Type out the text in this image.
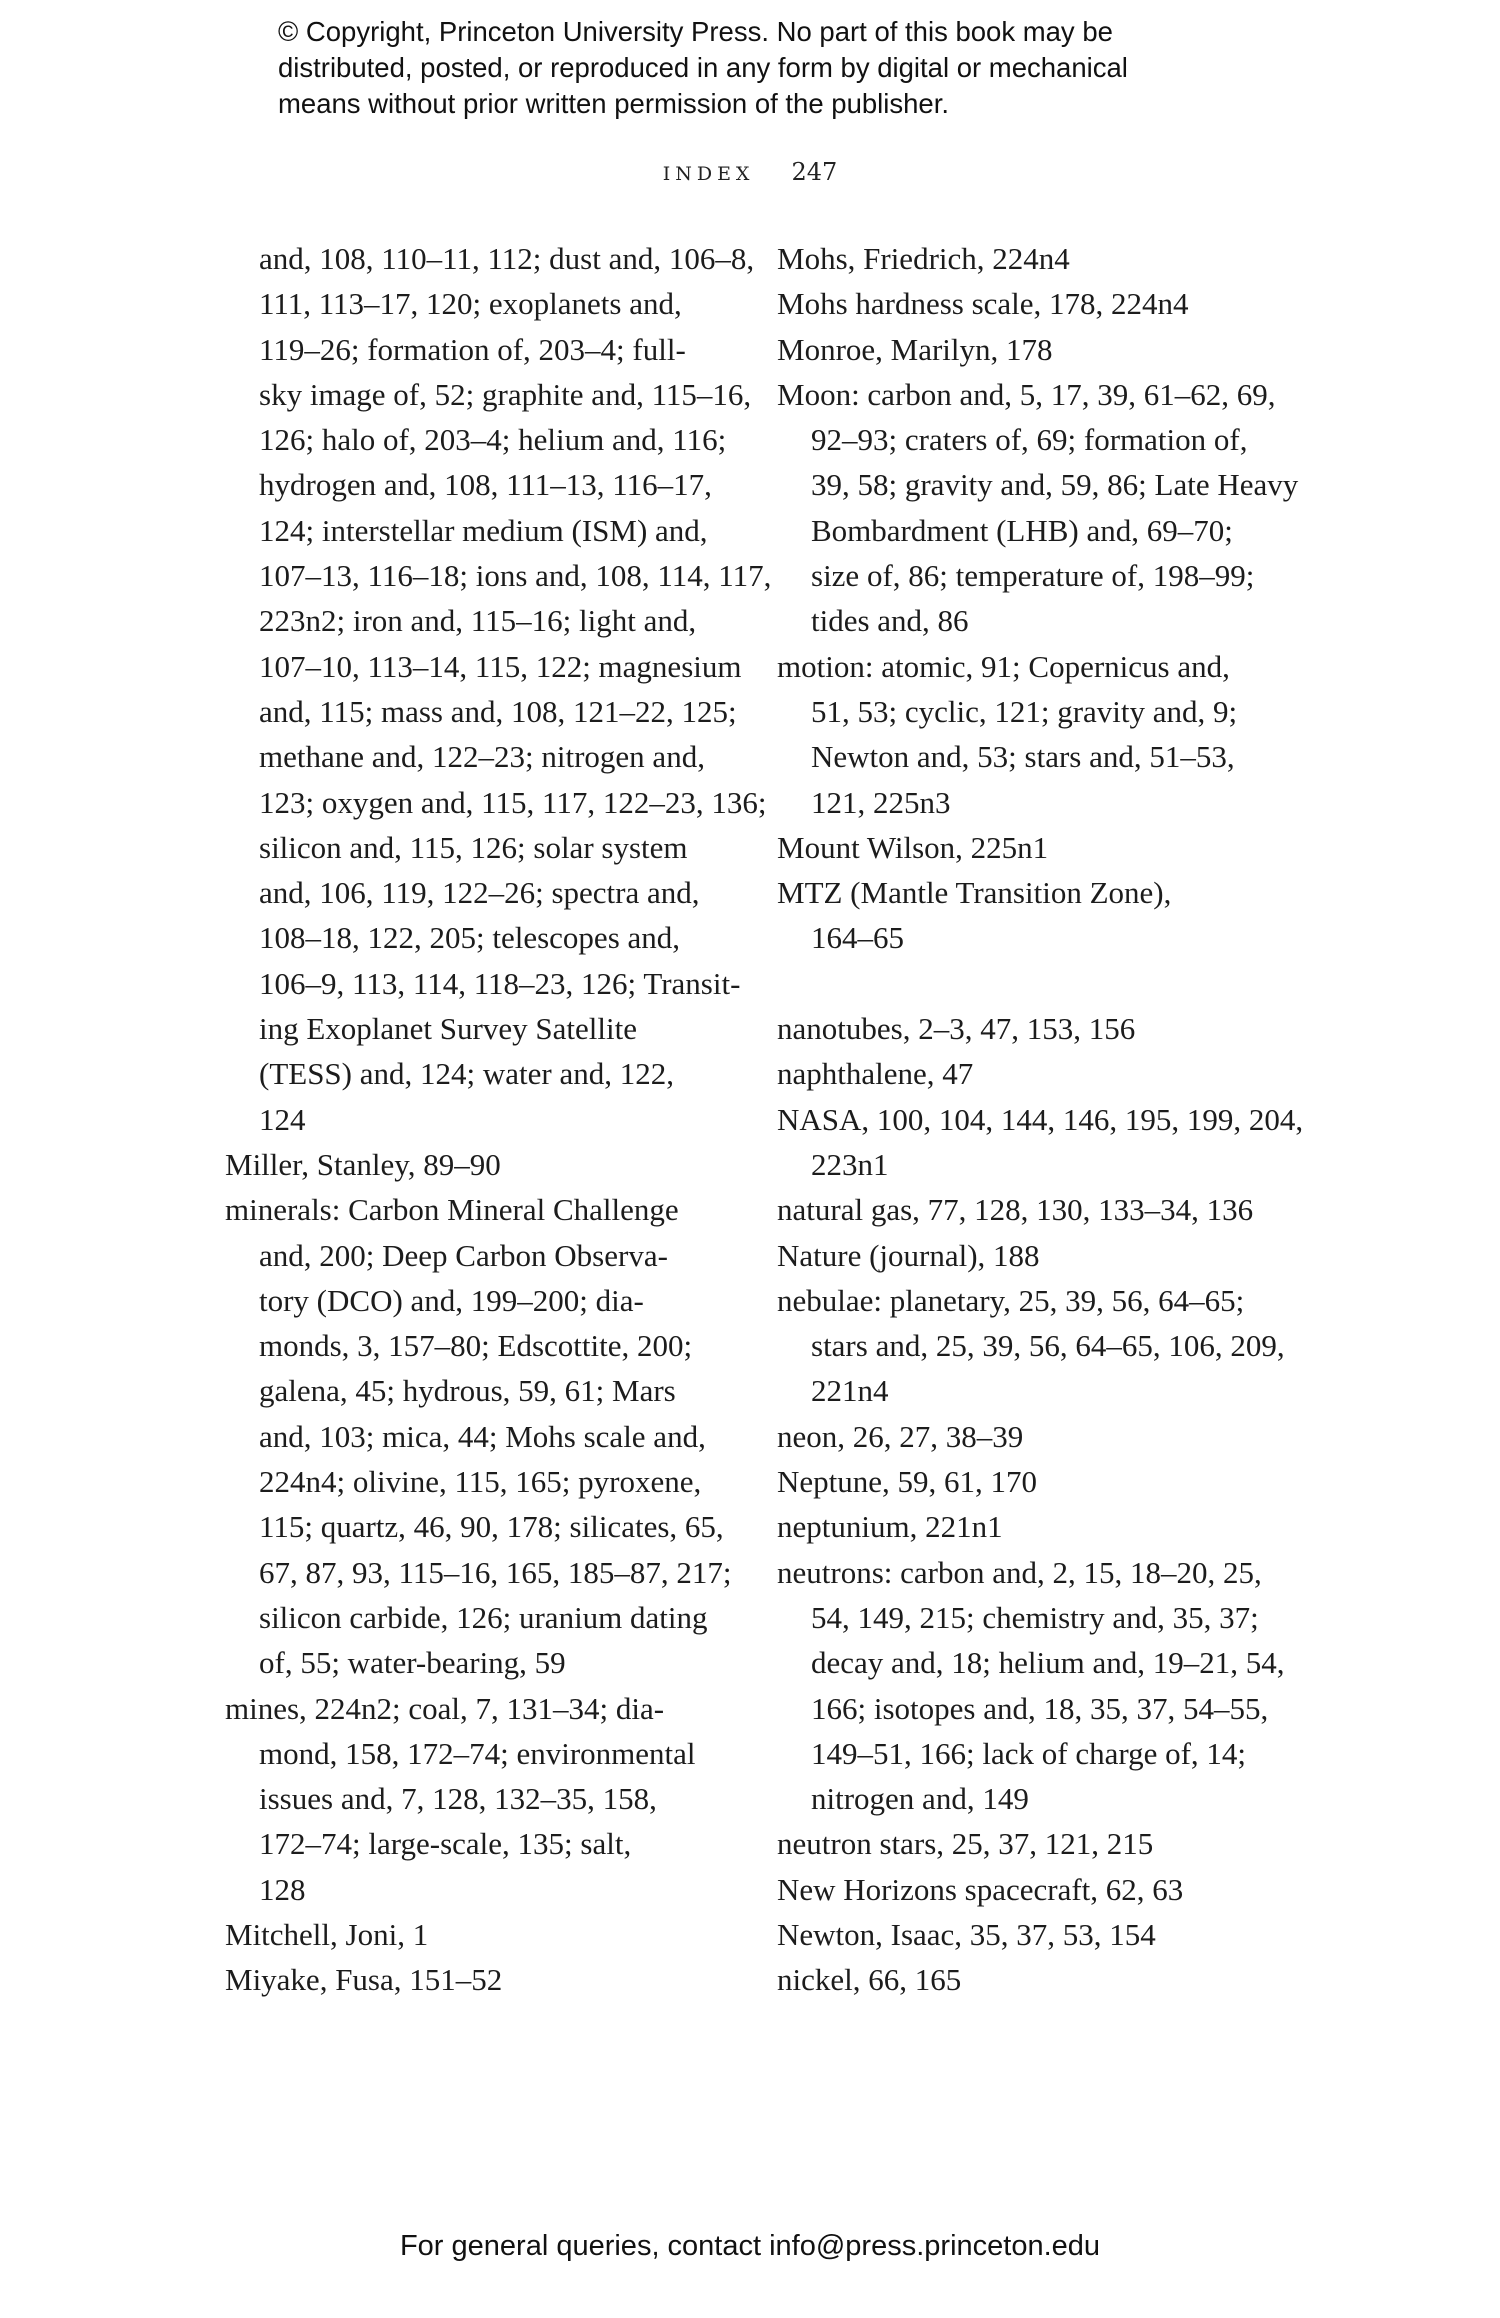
© Copyright, Princeton University Press. No part of this book may be
distributed, posted, or reproduced in any form by digital or mechanical
means without prior written permission of the publisher.
INDEX 247
and, 108, 110–11, 112; dust and, 106–8,
111, 113–17, 120; exoplanets and,
119–26; formation of, 203–4; full-
sky image of, 52; graphite and, 115–16,
126; halo of, 203–4; helium and, 116;
hydrogen and, 108, 111–13, 116–17,
124; interstellar medium (ISM) and,
107–13, 116–18; ions and, 108, 114, 117,
223n2; iron and, 115–16; light and,
107–10, 113–14, 115, 122; magnesium
and, 115; mass and, 108, 121–22, 125;
methane and, 122–23; nitrogen and,
123; oxygen and, 115, 117, 122–23, 136;
silicon and, 115, 126; solar system
and, 106, 119, 122–26; spectra and,
108–18, 122, 205; telescopes and,
106–9, 113, 114, 118–23, 126; Transit-
ing Exoplanet Survey Satellite
(TESS) and, 124; water and, 122,
124
Miller, Stanley, 89–90
minerals: Carbon Mineral Challenge
and, 200; Deep Carbon Observa-
tory (DCO) and, 199–200; dia-
monds, 3, 157–80; Edscottite, 200;
galena, 45; hydrous, 59, 61; Mars
and, 103; mica, 44; Mohs scale and,
224n4; olivine, 115, 165; pyroxene,
115; quartz, 46, 90, 178; silicates, 65,
67, 87, 93, 115–16, 165, 185–87, 217;
silicon carbide, 126; uranium dating
of, 55; water-bearing, 59
mines, 224n2; coal, 7, 131–34; dia-
mond, 158, 172–74; environmental
issues and, 7, 128, 132–35, 158,
172–74; large-scale, 135; salt,
128
Mitchell, Joni, 1
Miyake, Fusa, 151–52
Mohs, Friedrich, 224n4
Mohs hardness scale, 178, 224n4
Monroe, Marilyn, 178
Moon: carbon and, 5, 17, 39, 61–62, 69,
92–93; craters of, 69; formation of,
39, 58; gravity and, 59, 86; Late Heavy
Bombardment (LHB) and, 69–70;
size of, 86; temperature of, 198–99;
tides and, 86
motion: atomic, 91; Copernicus and,
51, 53; cyclic, 121; gravity and, 9;
Newton and, 53; stars and, 51–53,
121, 225n3
Mount Wilson, 225n1
MTZ (Mantle Transition Zone),
164–65
nanotubes, 2–3, 47, 153, 156
naphthalene, 47
NASA, 100, 104, 144, 146, 195, 199, 204,
223n1
natural gas, 77, 128, 130, 133–34, 136
Nature (journal), 188
nebulae: planetary, 25, 39, 56, 64–65;
stars and, 25, 39, 56, 64–65, 106, 209,
221n4
neon, 26, 27, 38–39
Neptune, 59, 61, 170
neptunium, 221n1
neutrons: carbon and, 2, 15, 18–20, 25,
54, 149, 215; chemistry and, 35, 37;
decay and, 18; helium and, 19–21, 54,
166; isotopes and, 18, 35, 37, 54–55,
149–51, 166; lack of charge of, 14;
nitrogen and, 149
neutron stars, 25, 37, 121, 215
New Horizons spacecraft, 62, 63
Newton, Isaac, 35, 37, 53, 154
nickel, 66, 165
For general queries, contact info@press.princeton.edu
